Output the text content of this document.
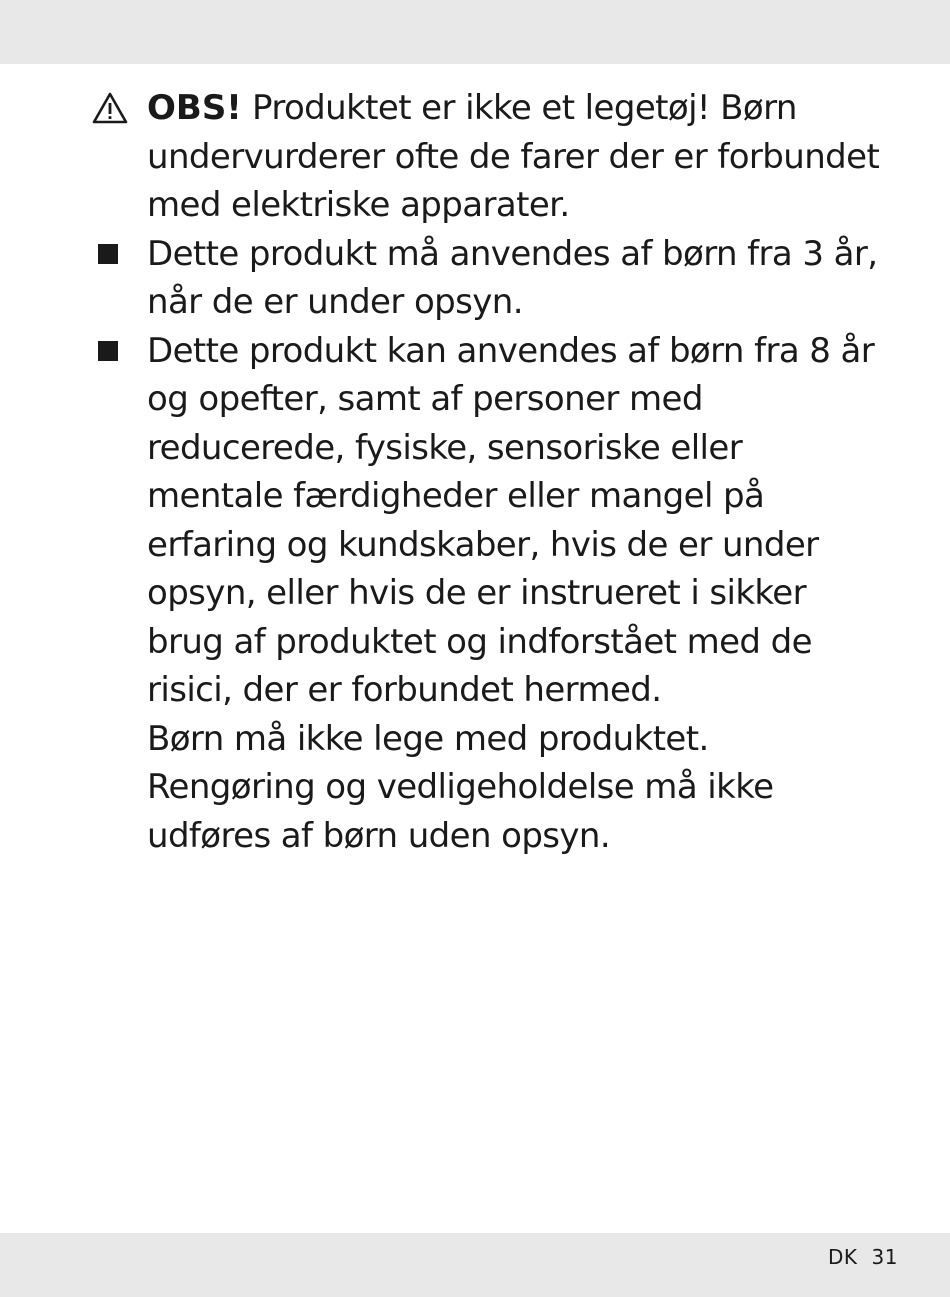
OBS! Produktet er ikke et legetøj! Børn undervurderer ofte de farer der er forbundet med elektriske apparater.
Dette produkt må anvendes af børn fra 3 år, når de er under opsyn.
Dette produkt kan anvendes af børn fra 8 år og opefter, samt af personer med reducerede, fysiske, sensoriske eller mentale færdigheder eller mangel på erfaring og kundskaber, hvis de er under opsyn, eller hvis de er instrueret i sikker brug af produktet og indforstået med de risici, der er forbundet hermed.
Børn må ikke lege med produktet. Rengøring og vedligeholdelse må ikke udføres af børn uden opsyn.
DK 31
